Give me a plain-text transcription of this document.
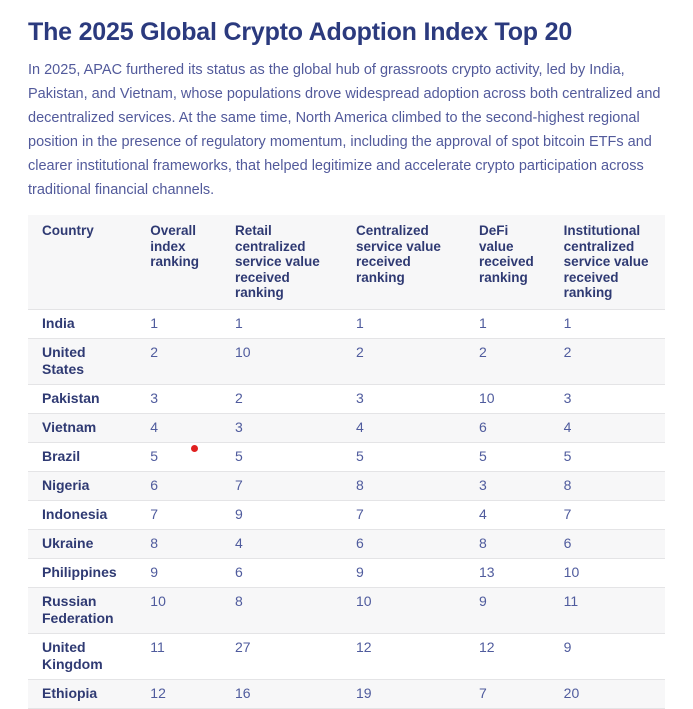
The 2025 Global Crypto Adoption Index Top 20

In 2025, APAC furthered its status as the global hub of grassroots crypto activity, led by India, Pakistan, and Vietnam, whose populations drove widespread adoption across both centralized and decentralized services. At the same time, North America climbed to the second-highest regional position in the presence of regulatory momentum, including the approval of spot bitcoin ETFs and clearer institutional frameworks, that helped legitimize and accelerate crypto participation across traditional financial channels.

Country	Overall index ranking	Retail centralized service value received ranking	Centralized service value received ranking	DeFi value received ranking	Institutional centralized service value received ranking
India	1	1	1	1	1
United States	2	10	2	2	2
Pakistan	3	2	3	10	3
Vietnam	4	3	4	6	4
Brazil	5	5	5	5	5
Nigeria	6	7	8	3	8
Indonesia	7	9	7	4	7
Ukraine	8	4	6	8	6
Philippines	9	6	9	13	10
Russian Federation	10	8	10	9	11
United Kingdom	11	27	12	12	9
Ethiopia	12	16	19	7	20
